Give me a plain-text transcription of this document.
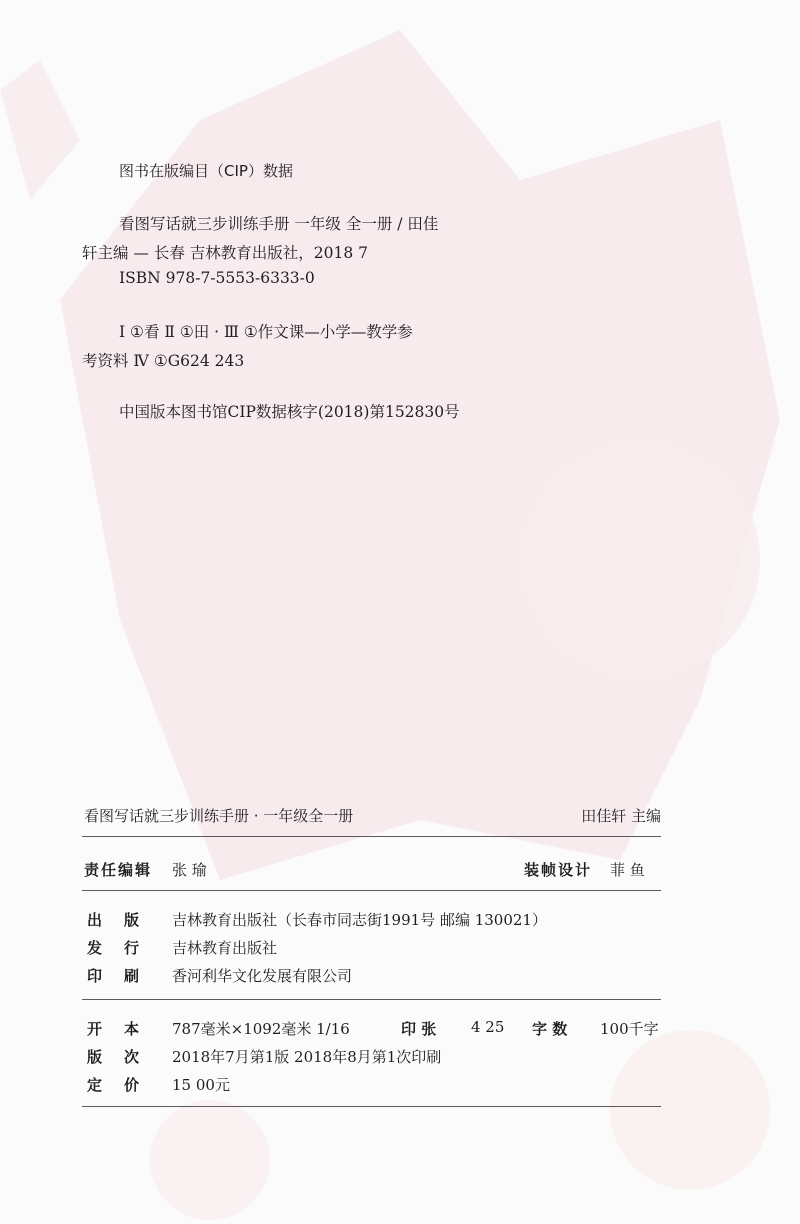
图书在版编目（CIP）数据
看图写话就三步训练手册 一年级 全一册 / 田佳
轩主编 — 长春 吉林教育出版社，2018 7
ISBN 978-7-5553-6333-0
Ⅰ ①看 Ⅱ ①田 · Ⅲ ①作文课—小学—教学参
考资料 Ⅳ ①G624 243
中国版本图书馆CIP数据核字(2018)第152830号
看图写话就三步训练手册 · 一年级全一册	田佳轩 主编
责任编辑 张 瑜	装帧设计 菲 鱼
出版 吉林教育出版社（长春市同志街1991号 邮编 130021）
发行 吉林教育出版社
印刷 香河利华文化发展有限公司
开本 787毫米×1092毫米 1/16	印 张 4 25 字 数 100千字
版次 2018年7月第1版 2018年8月第1次印刷
定价 15 00元
